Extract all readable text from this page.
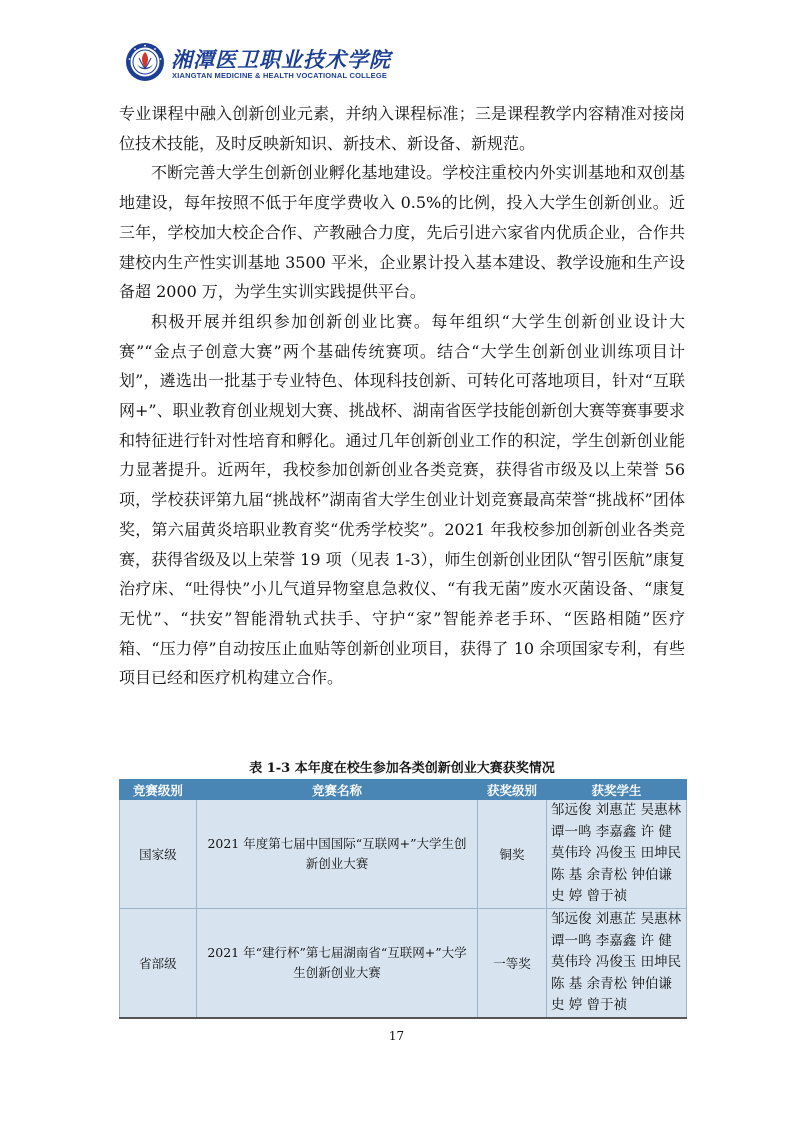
湘潭医卫职业技术学院
XIANGTAN MEDICINE & HEALTH VOCATIONAL COLLEGE

专业课程中融入创新创业元素，并纳入课程标准；三是课程教学内容精准对接岗位技术技能，及时反映新知识、新技术、新设备、新规范。

不断完善大学生创新创业孵化基地建设。学校注重校内外实训基地和双创基地建设，每年按照不低于年度学费收入 0.5%的比例，投入大学生创新创业。近三年，学校加大校企合作、产教融合力度，先后引进六家省内优质企业，合作共建校内生产性实训基地 3500 平米，企业累计投入基本建设、教学设施和生产设备超 2000 万，为学生实训实践提供平台。

积极开展并组织参加创新创业比赛。每年组织“大学生创新创业设计大赛”“金点子创意大赛”两个基础传统赛项。结合“大学生创新创业训练项目计划”，遴选出一批基于专业特色、体现科技创新、可转化可落地项目，针对“互联网+”、职业教育创业规划大赛、挑战杯、湖南省医学技能创新创大赛等赛事要求和特征进行针对性培育和孵化。通过几年创新创业工作的积淀，学生创新创业能力显著提升。近两年，我校参加创新创业各类竞赛，获得省市级及以上荣誉 56 项，学校获评第九届“挑战杯”湖南省大学生创业计划竞赛最高荣誉“挑战杯”团体奖，第六届黄炎培职业教育奖“优秀学校奖”。2021 年我校参加创新创业各类竞赛，获得省级及以上荣誉 19 项（见表 1-3），师生创新创业团队“智引医航”康复治疗床、“吐得快”小儿气道异物窒息急救仪、“有我无菌”废水灭菌设备、“康复无忧”、“扶安”智能滑轨式扶手、守护“家”智能养老手环、“医路相随”医疗箱、“压力停”自动按压止血贴等创新创业项目，获得了 10 余项国家专利，有些项目已经和医疗机构建立合作。

表 1-3 本年度在校生参加各类创新创业大赛获奖情况
竞赛级别	竞赛名称	获奖级别	获奖学生
国家级	2021 年度第七届中国国际“互联网+”大学生创新创业大赛	铜奖	邹远俊 刘惠芷 吴惠林
谭一鸣 李嘉鑫 许 健
莫伟玲 冯俊玉 田坤民
陈 基 余青松 钟伯谦
史 婷 曾于祯

省部级	2021 年“建行杯”第七届湖南省“互联网+”大学生创新创业大赛	一等奖	邹远俊 刘惠芷 吴惠林
谭一鸣 李嘉鑫 许 健
莫伟玲 冯俊玉 田坤民
陈 基 余青松 钟伯谦
史 婷 曾于祯
17
